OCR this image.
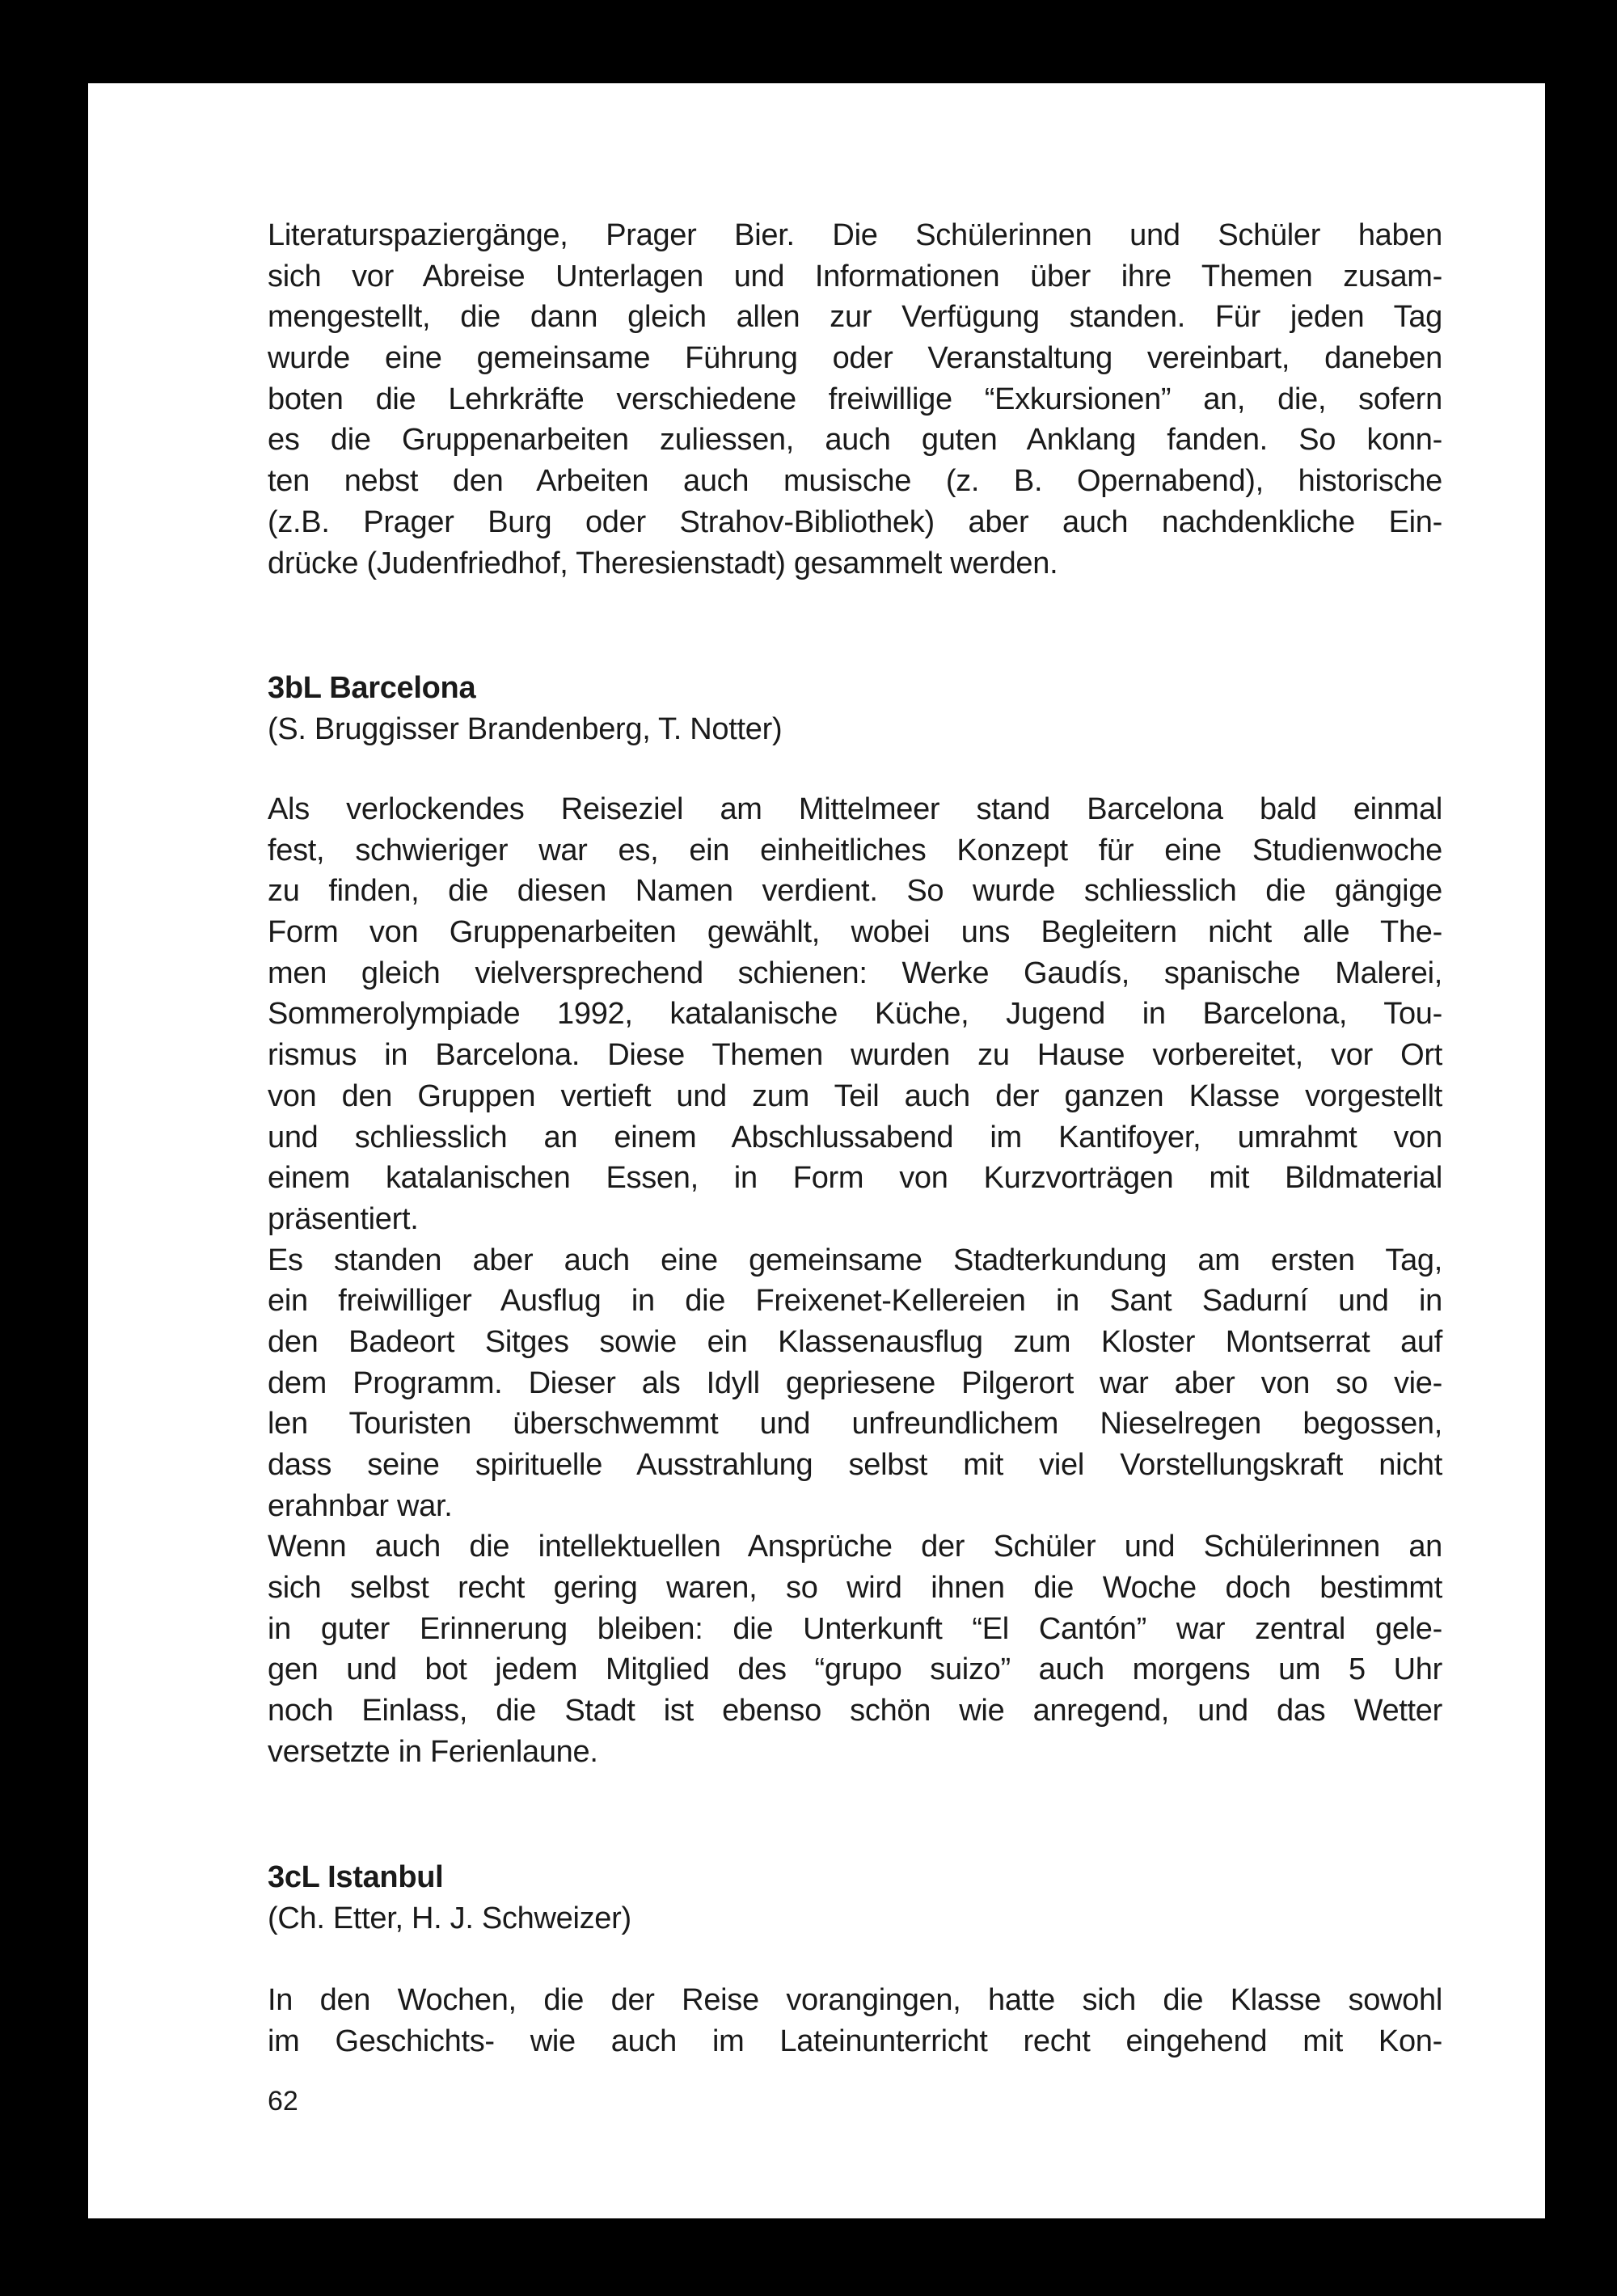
Literaturspaziergänge, Prager Bier. Die Schülerinnen und Schüler haben
sich vor Abreise Unterlagen und Informationen über ihre Themen zusam-
mengestellt, die dann gleich allen zur Verfügung standen. Für jeden Tag
wurde eine gemeinsame Führung oder Veranstaltung vereinbart, daneben
boten die Lehrkräfte verschiedene freiwillige “Exkursionen” an, die, sofern
es die Gruppenarbeiten zuliessen, auch guten Anklang fanden. So konn-
ten nebst den Arbeiten auch musische (z. B. Opernabend), historische
(z.B. Prager Burg oder Strahov-Bibliothek) aber auch nachdenkliche Ein-
drücke (Judenfriedhof, Theresienstadt) gesammelt werden.
3bL Barcelona
(S. Bruggisser Brandenberg, T. Notter)
Als verlockendes Reiseziel am Mittelmeer stand Barcelona bald einmal
fest, schwieriger war es, ein einheitliches Konzept für eine Studienwoche
zu finden, die diesen Namen verdient. So wurde schliesslich die gängige
Form von Gruppenarbeiten gewählt, wobei uns Begleitern nicht alle The-
men gleich vielversprechend schienen: Werke Gaudís, spanische Malerei,
Sommerolympiade 1992, katalanische Küche, Jugend in Barcelona, Tou-
rismus in Barcelona. Diese Themen wurden zu Hause vorbereitet, vor Ort
von den Gruppen vertieft und zum Teil auch der ganzen Klasse vorgestellt
und schliesslich an einem Abschlussabend im Kantifoyer, umrahmt von
einem katalanischen Essen, in Form von Kurzvorträgen mit Bildmaterial
präsentiert.
Es standen aber auch eine gemeinsame Stadterkundung am ersten Tag,
ein freiwilliger Ausflug in die Freixenet-Kellereien in Sant Sadurní und in
den Badeort Sitges sowie ein Klassenausflug zum Kloster Montserrat auf
dem Programm. Dieser als Idyll gepriesene Pilgerort war aber von so vie-
len Touristen überschwemmt und unfreundlichem Nieselregen begossen,
dass seine spirituelle Ausstrahlung selbst mit viel Vorstellungskraft nicht
erahnbar war.
Wenn auch die intellektuellen Ansprüche der Schüler und Schülerinnen an
sich selbst recht gering waren, so wird ihnen die Woche doch bestimmt
in guter Erinnerung bleiben: die Unterkunft “El Cantón” war zentral gele-
gen und bot jedem Mitglied des “grupo suizo” auch morgens um 5 Uhr
noch Einlass, die Stadt ist ebenso schön wie anregend, und das Wetter
versetzte in Ferienlaune.
3cL Istanbul
(Ch. Etter, H. J. Schweizer)
In den Wochen, die der Reise vorangingen, hatte sich die Klasse sowohl
im Geschichts- wie auch im Lateinunterricht recht eingehend mit Kon-
62
